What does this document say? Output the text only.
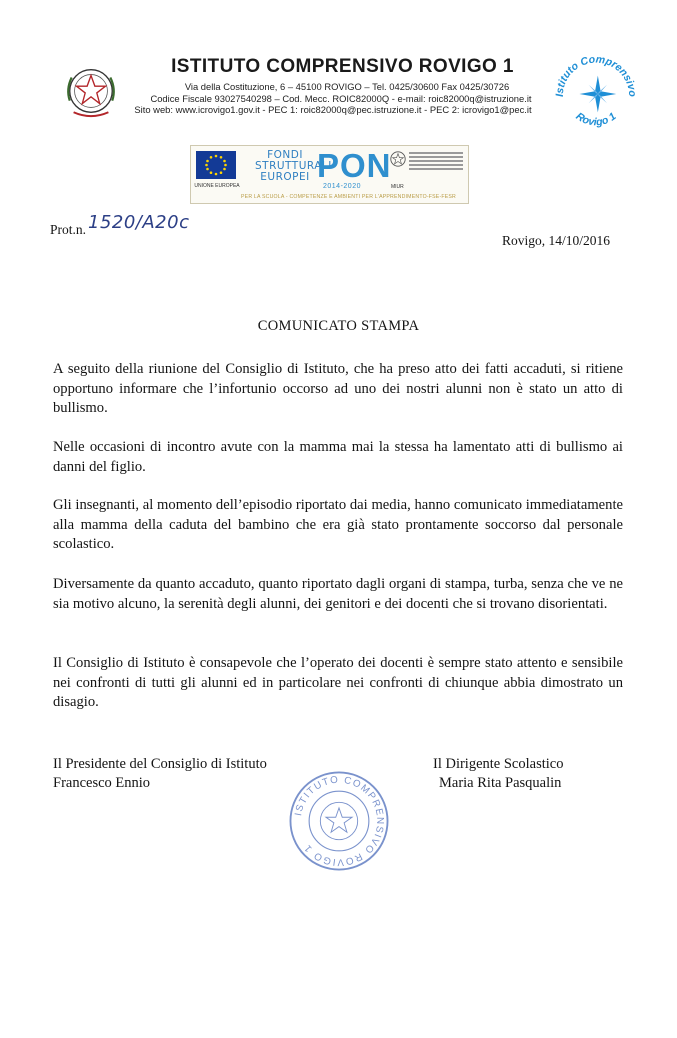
ISTITUTO COMPRENSIVO ROVIGO 1
Via della Costituzione, 6 – 45100 ROVIGO – Tel. 0425/30600 Fax 0425/30726
Codice Fiscale 93027540298 – Cod. Mecc. ROIC82000Q - e-mail: roic82000q@istruzione.it
Sito web: www.icrovigo1.gov.it - PEC 1: roic82000q@pec.istruzione.it - PEC 2: icrovigo1@pec.it
Istituto Comprensivo
Rovigo 1
UNIONE EUROPEA
FONDI
STRUTTURALI
EUROPEI PON
2014-2020	MIUR
PER LA SCUOLA - COMPETENZE E AMBIENTI PER L'APPRENDIMENTO-FSE-FESR
Prot.n. 1520/A20c
Rovigo, 14/10/2016
COMUNICATO STAMPA

A seguito della riunione del Consiglio di Istituto, che ha preso atto dei fatti accaduti, si ritiene opportuno informare che l’infortunio occorso ad uno dei nostri alunni non è stato un atto di bullismo.

Nelle occasioni di incontro avute con la mamma mai la stessa ha lamentato atti di bullismo ai danni del figlio.

Gli insegnanti, al momento dell’episodio riportato dai media, hanno comunicato immediatamente alla mamma della caduta del bambino che era già stato prontamente soccorso dal personale scolastico.

Diversamente da quanto accaduto, quanto riportato dagli organi di stampa, turba, senza che ve ne sia motivo alcuno, la serenità degli alunni, dei genitori e dei docenti che si trovano disorientati.

Il Consiglio di Istituto è consapevole che l’operato dei docenti è sempre stato attento e sensibile nei confronti di tutti gli alunni ed in particolare nei confronti di chiunque abbia dimostrato un disagio.

Il Presidente del Consiglio di Istituto
Francesco Ennio
Il Dirigente Scolastico
Maria Rita Pasqualin
ISTITUTO COMPRENSIVO ROVIGO 1
